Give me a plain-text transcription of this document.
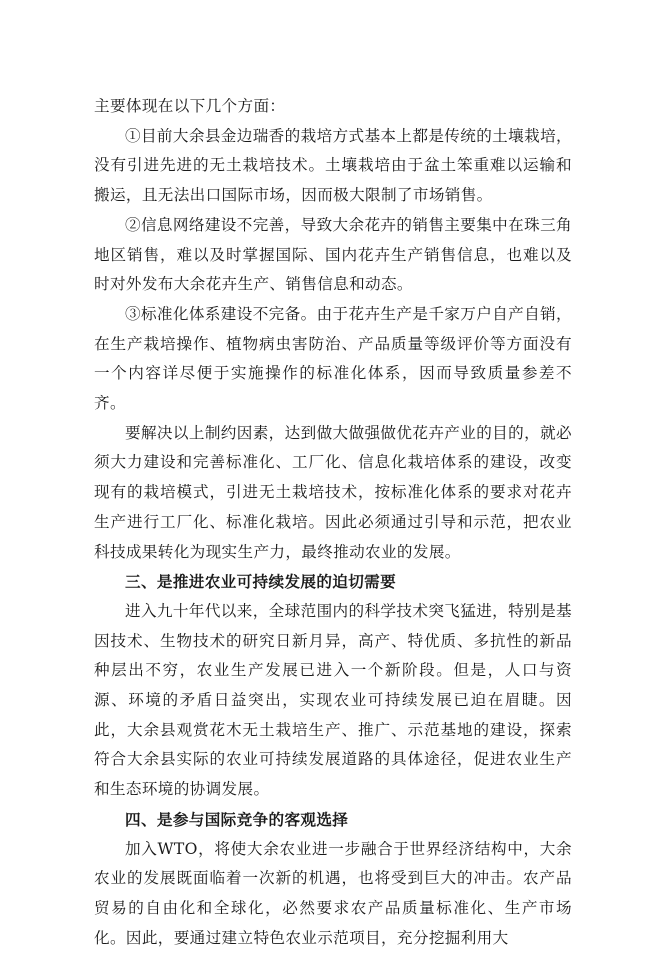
主要体现在以下几个方面：

①目前大余县金边瑞香的栽培方式基本上都是传统的土壤栽培，没有引进先进的无土栽培技术。土壤栽培由于盆土笨重难以运输和搬运，且无法出口国际市场，因而极大限制了市场销售。

②信息网络建设不完善，导致大余花卉的销售主要集中在珠三角地区销售，难以及时掌握国际、国内花卉生产销售信息，也难以及时对外发布大余花卉生产、销售信息和动态。

③标准化体系建设不完备。由于花卉生产是千家万户自产自销，在生产栽培操作、植物病虫害防治、产品质量等级评价等方面没有一个内容详尽便于实施操作的标准化体系，因而导致质量参差不齐。

要解决以上制约因素，达到做大做强做优花卉产业的目的，就必须大力建设和完善标准化、工厂化、信息化栽培体系的建设，改变现有的栽培模式，引进无土栽培技术，按标准化体系的要求对花卉生产进行工厂化、标准化栽培。因此必须通过引导和示范，把农业科技成果转化为现实生产力，最终推动农业的发展。

三、是推进农业可持续发展的迫切需要

进入九十年代以来，全球范围内的科学技术突飞猛进，特别是基因技术、生物技术的研究日新月异，高产、特优质、多抗性的新品种层出不穷，农业生产发展已进入一个新阶段。但是，人口与资源、环境的矛盾日益突出，实现农业可持续发展已迫在眉睫。因此，大余县观赏花木无土栽培生产、推广、示范基地的建设，探索符合大余县实际的农业可持续发展道路的具体途径，促进农业生产和生态环境的协调发展。

四、是参与国际竞争的客观选择

加入WTO，将使大余农业进一步融合于世界经济结构中，大余农业的发展既面临着一次新的机遇，也将受到巨大的冲击。农产品贸易的自由化和全球化，必然要求农产品质量标准化、生产市场化。因此，要通过建立特色农业示范项目，充分挖掘利用大
